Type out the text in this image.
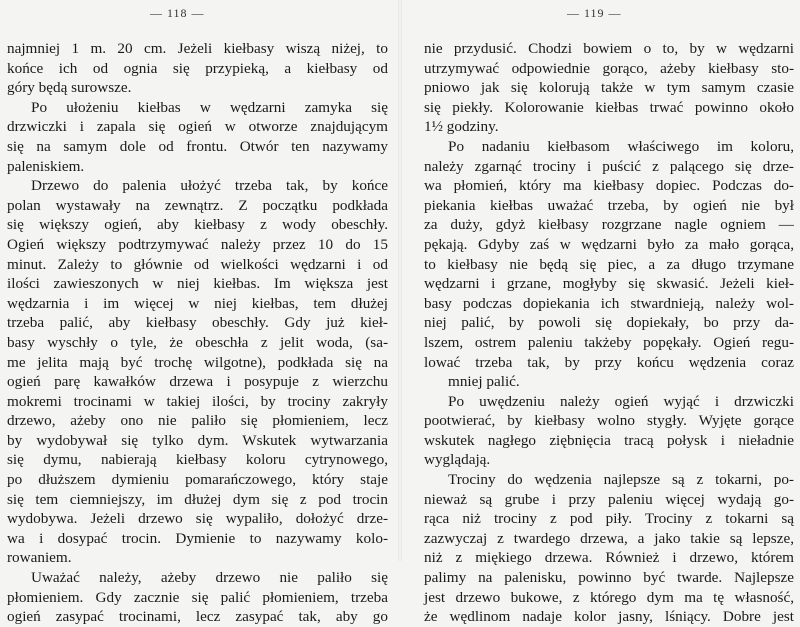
— 118 —
najmniej 1 m. 20 cm. Jeżeli kiełbasy wiszą niżej, to
końce ich od ognia się przypieką, a kiełbasy od
góry będą surowsze.
Po ułożeniu kiełbas w wędzarni zamyka się
drzwiczki i zapala się ogień w otworze znajdującym
się na samym dole od frontu. Otwór ten nazywamy
paleniskiem.
Drzewo do palenia ułożyć trzeba tak, by końce
polan wystawały na zewnątrz. Z początku podkłada
się większy ogień, aby kiełbasy z wody obeschły.
Ogień większy podtrzymywać należy przez 10 do 15
minut. Zależy to głównie od wielkości wędzarni i od
ilości zawieszonych w niej kiełbas. Im większa jest
wędzarnia i im więcej w niej kiełbas, tem dłużej
trzeba palić, aby kiełbasy obeschły. Gdy już kieł-
basy wyschły o tyle, że obeschła z jelit woda, (sa-
me jelita mają być trochę wilgotne), podkłada się na
ogień parę kawałków drzewa i posypuje z wierzchu
mokremi trocinami w takiej ilości, by trociny zakryły
drzewo, ażeby ono nie paliło się płomieniem, lecz
by wydobywał się tylko dym. Wskutek wytwarzania
się dymu, nabierają kiełbasy koloru cytrynowego,
po dłuższem dymieniu pomarańczowego, który staje
się tem ciemniejszy, im dłużej dym się z pod trocin
wydobywa. Jeżeli drzewo się wypaliło, dołożyć drze-
wa i dosypać trocin. Dymienie to nazywamy kolo-
rowaniem.
Uważać należy, ażeby drzewo nie paliło się
płomieniem. Gdy zacznie się palić płomieniem, trzeba
ogień zasypać trocinami, lecz zasypać tak, aby go
— 119 —
nie przydusić. Chodzi bowiem o to, by w wędzarni
utrzymywać odpowiednie gorąco, ażeby kiełbasy sto-
pniowo jak się kolorują także w tym samym czasie
się piekły. Kolorowanie kiełbas trwać powinno około
1½ godziny.
Po nadaniu kiełbasom właściwego im koloru,
należy zgarnąć trociny i puścić z palącego się drze-
wa płomień, który ma kiełbasy dopiec. Podczas do-
piekania kiełbas uważać trzeba, by ogień nie był
za duży, gdyż kiełbasy rozgrzane nagle ogniem —
pękają. Gdyby zaś w wędzarni było za mało gorąca,
to kiełbasy nie będą się piec, a za długo trzymane
wędzarni i grzane, mogłyby się skwasić. Jeżeli kieł-
basy podczas dopiekania ich stwardnieją, należy wol-
niej palić, by powoli się dopiekały, bo przy da-
lszem, ostrem paleniu takżeby popękały. Ogień regu-
lować trzeba tak, by przy końcu wędzenia coraz
mniej palić.
Po uwędzeniu należy ogień wyjąć i drzwiczki
pootwierać, by kiełbasy wolno stygły. Wyjęte gorące
wskutek nagłego ziębnięcia tracą połysk i nieładnie
wyglądają.
Trociny do wędzenia najlepsze są z tokarni, po-
nieważ są grube i przy paleniu więcej wydają go-
rąca niż trociny z pod piły. Trociny z tokarni są
zazwyczaj z twardego drzewa, a jako takie są lepsze,
niż z miękiego drzewa. Również i drzewo, którem
palimy na palenisku, powinno być twarde. Najlepsze
jest drzewo bukowe, z którego dym ma tę własność,
że wędlinom nadaje kolor jasny, lśniący. Dobre jest
